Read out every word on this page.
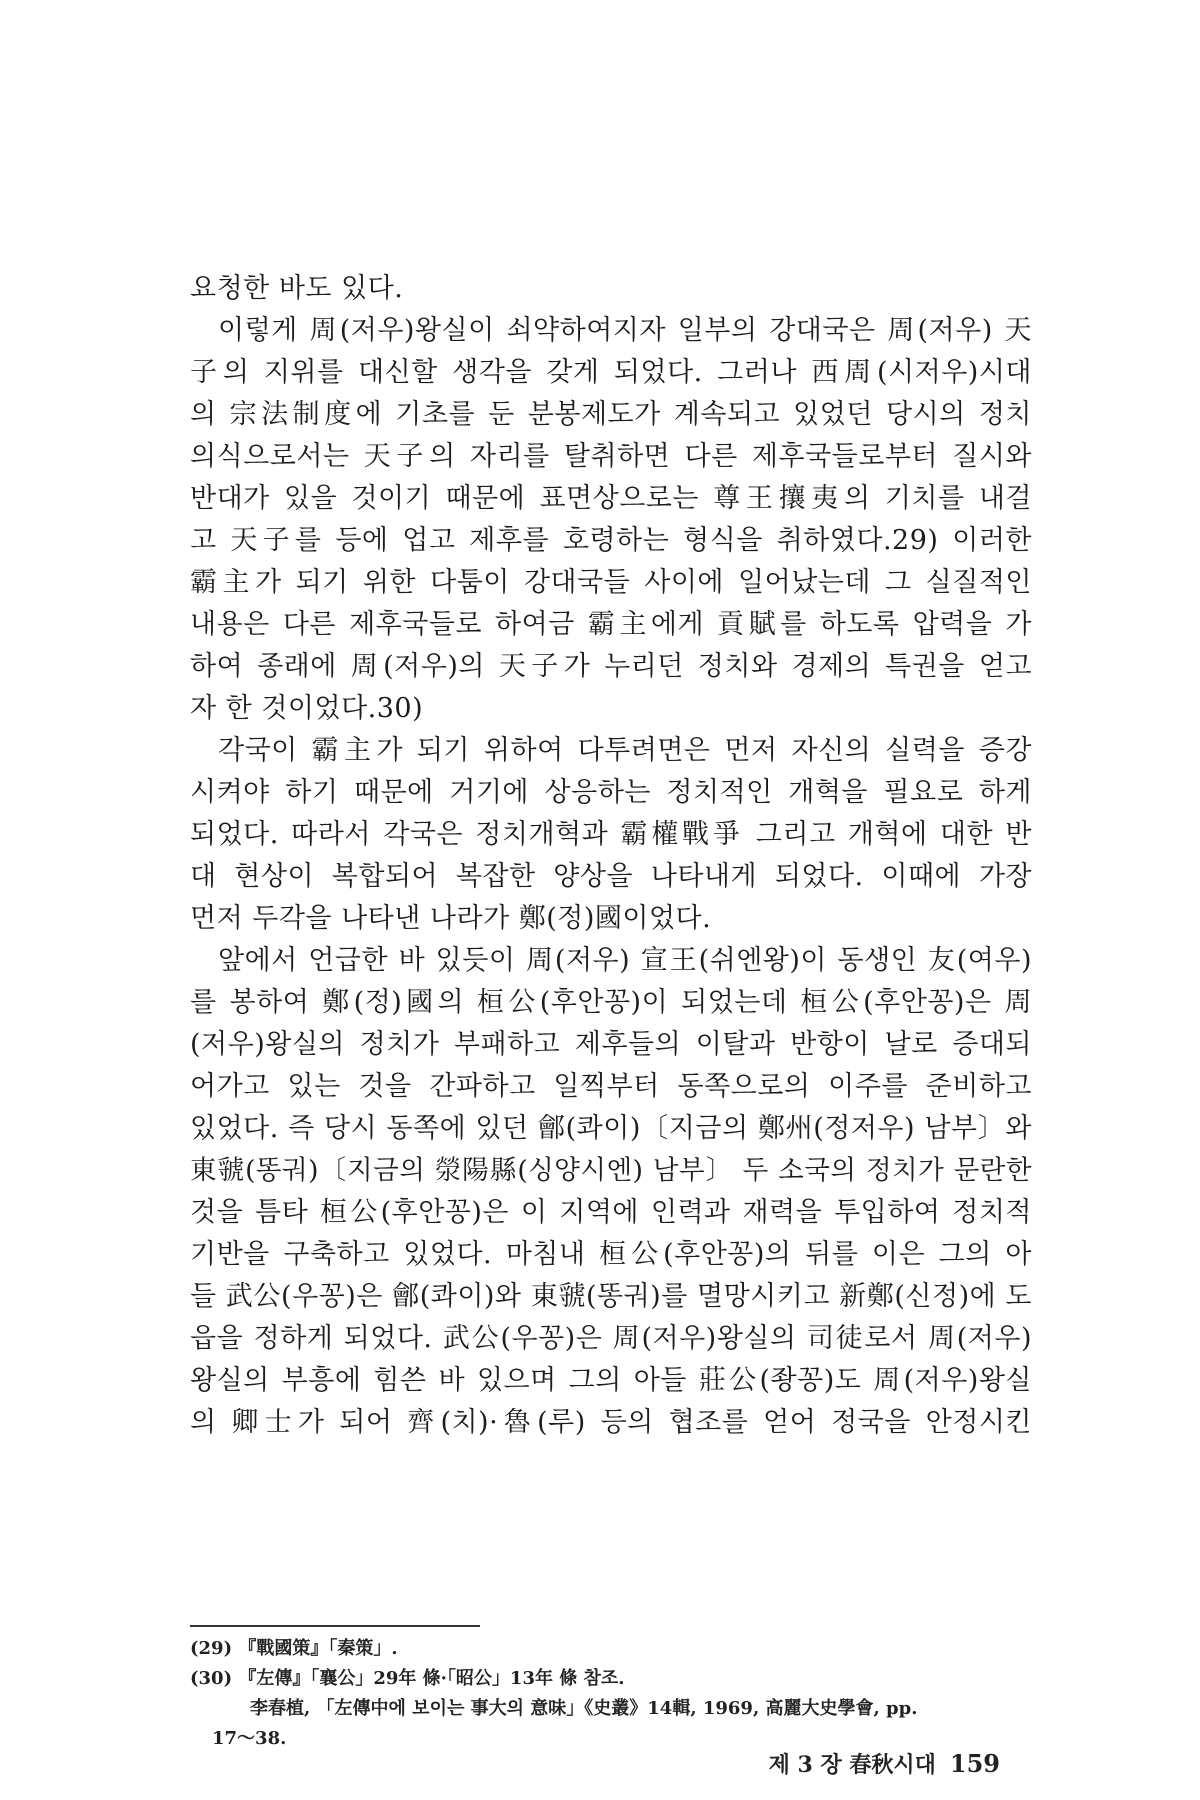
요청한 바도 있다.
이렇게 周(저우)왕실이 쇠약하여지자 일부의 강대국은 周(저우) 天
子의 지위를 대신할 생각을 갖게 되었다. 그러나 西周(시저우)시대
의 宗法制度에 기초를 둔 분봉제도가 계속되고 있었던 당시의 정치
의식으로서는 天子의 자리를 탈취하면 다른 제후국들로부터 질시와
반대가 있을 것이기 때문에 표면상으로는 尊王攘夷의 기치를 내걸
고 天子를 등에 업고 제후를 호령하는 형식을 취하였다.29) 이러한
霸主가 되기 위한 다툼이 강대국들 사이에 일어났는데 그 실질적인
내용은 다른 제후국들로 하여금 霸主에게 貢賦를 하도록 압력을 가
하여 종래에 周(저우)의 天子가 누리던 정치와 경제의 특권을 얻고
자 한 것이었다.30)
각국이 霸主가 되기 위하여 다투려면은 먼저 자신의 실력을 증강
시켜야 하기 때문에 거기에 상응하는 정치적인 개혁을 필요로 하게
되었다. 따라서 각국은 정치개혁과 霸權戰爭 그리고 개혁에 대한 반
대 현상이 복합되어 복잡한 양상을 나타내게 되었다. 이때에 가장
먼저 두각을 나타낸 나라가 鄭(정)國이었다.
앞에서 언급한 바 있듯이 周(저우) 宣王(쉬엔왕)이 동생인 友(여우)
를 봉하여 鄭(정)國의 桓公(후안꽁)이 되었는데 桓公(후안꽁)은 周
(저우)왕실의 정치가 부패하고 제후들의 이탈과 반항이 날로 증대되
어가고 있는 것을 간파하고 일찍부터 동쪽으로의 이주를 준비하고
있었다. 즉 당시 동쪽에 있던 鄶(콰이)〔지금의 鄭州(정저우) 남부〕와
東虢(똥궈)〔지금의 滎陽縣(싱양시엔) 남부〕 두 소국의 정치가 문란한
것을 틈타 桓公(후안꽁)은 이 지역에 인력과 재력을 투입하여 정치적
기반을 구축하고 있었다. 마침내 桓公(후안꽁)의 뒤를 이은 그의 아
들 武公(우꽁)은 鄶(콰이)와 東虢(똥궈)를 멸망시키고 新鄭(신정)에 도
읍을 정하게 되었다. 武公(우꽁)은 周(저우)왕실의 司徒로서 周(저우)
왕실의 부흥에 힘쓴 바 있으며 그의 아들 莊公(좡꽁)도 周(저우)왕실
의 卿士가 되어 齊(치)·魯(루) 등의 협조를 얻어 정국을 안정시킨
(29) 『戰國策』「秦策」.
(30) 『左傳』「襄公」29年 條·「昭公」13年 條 참조.
李春植, 「左傳中에 보이는 事大의 意味」《史叢》14輯, 1969, 高麗大史學會, pp.
17～38.
제 3 장 春秋시대 159
